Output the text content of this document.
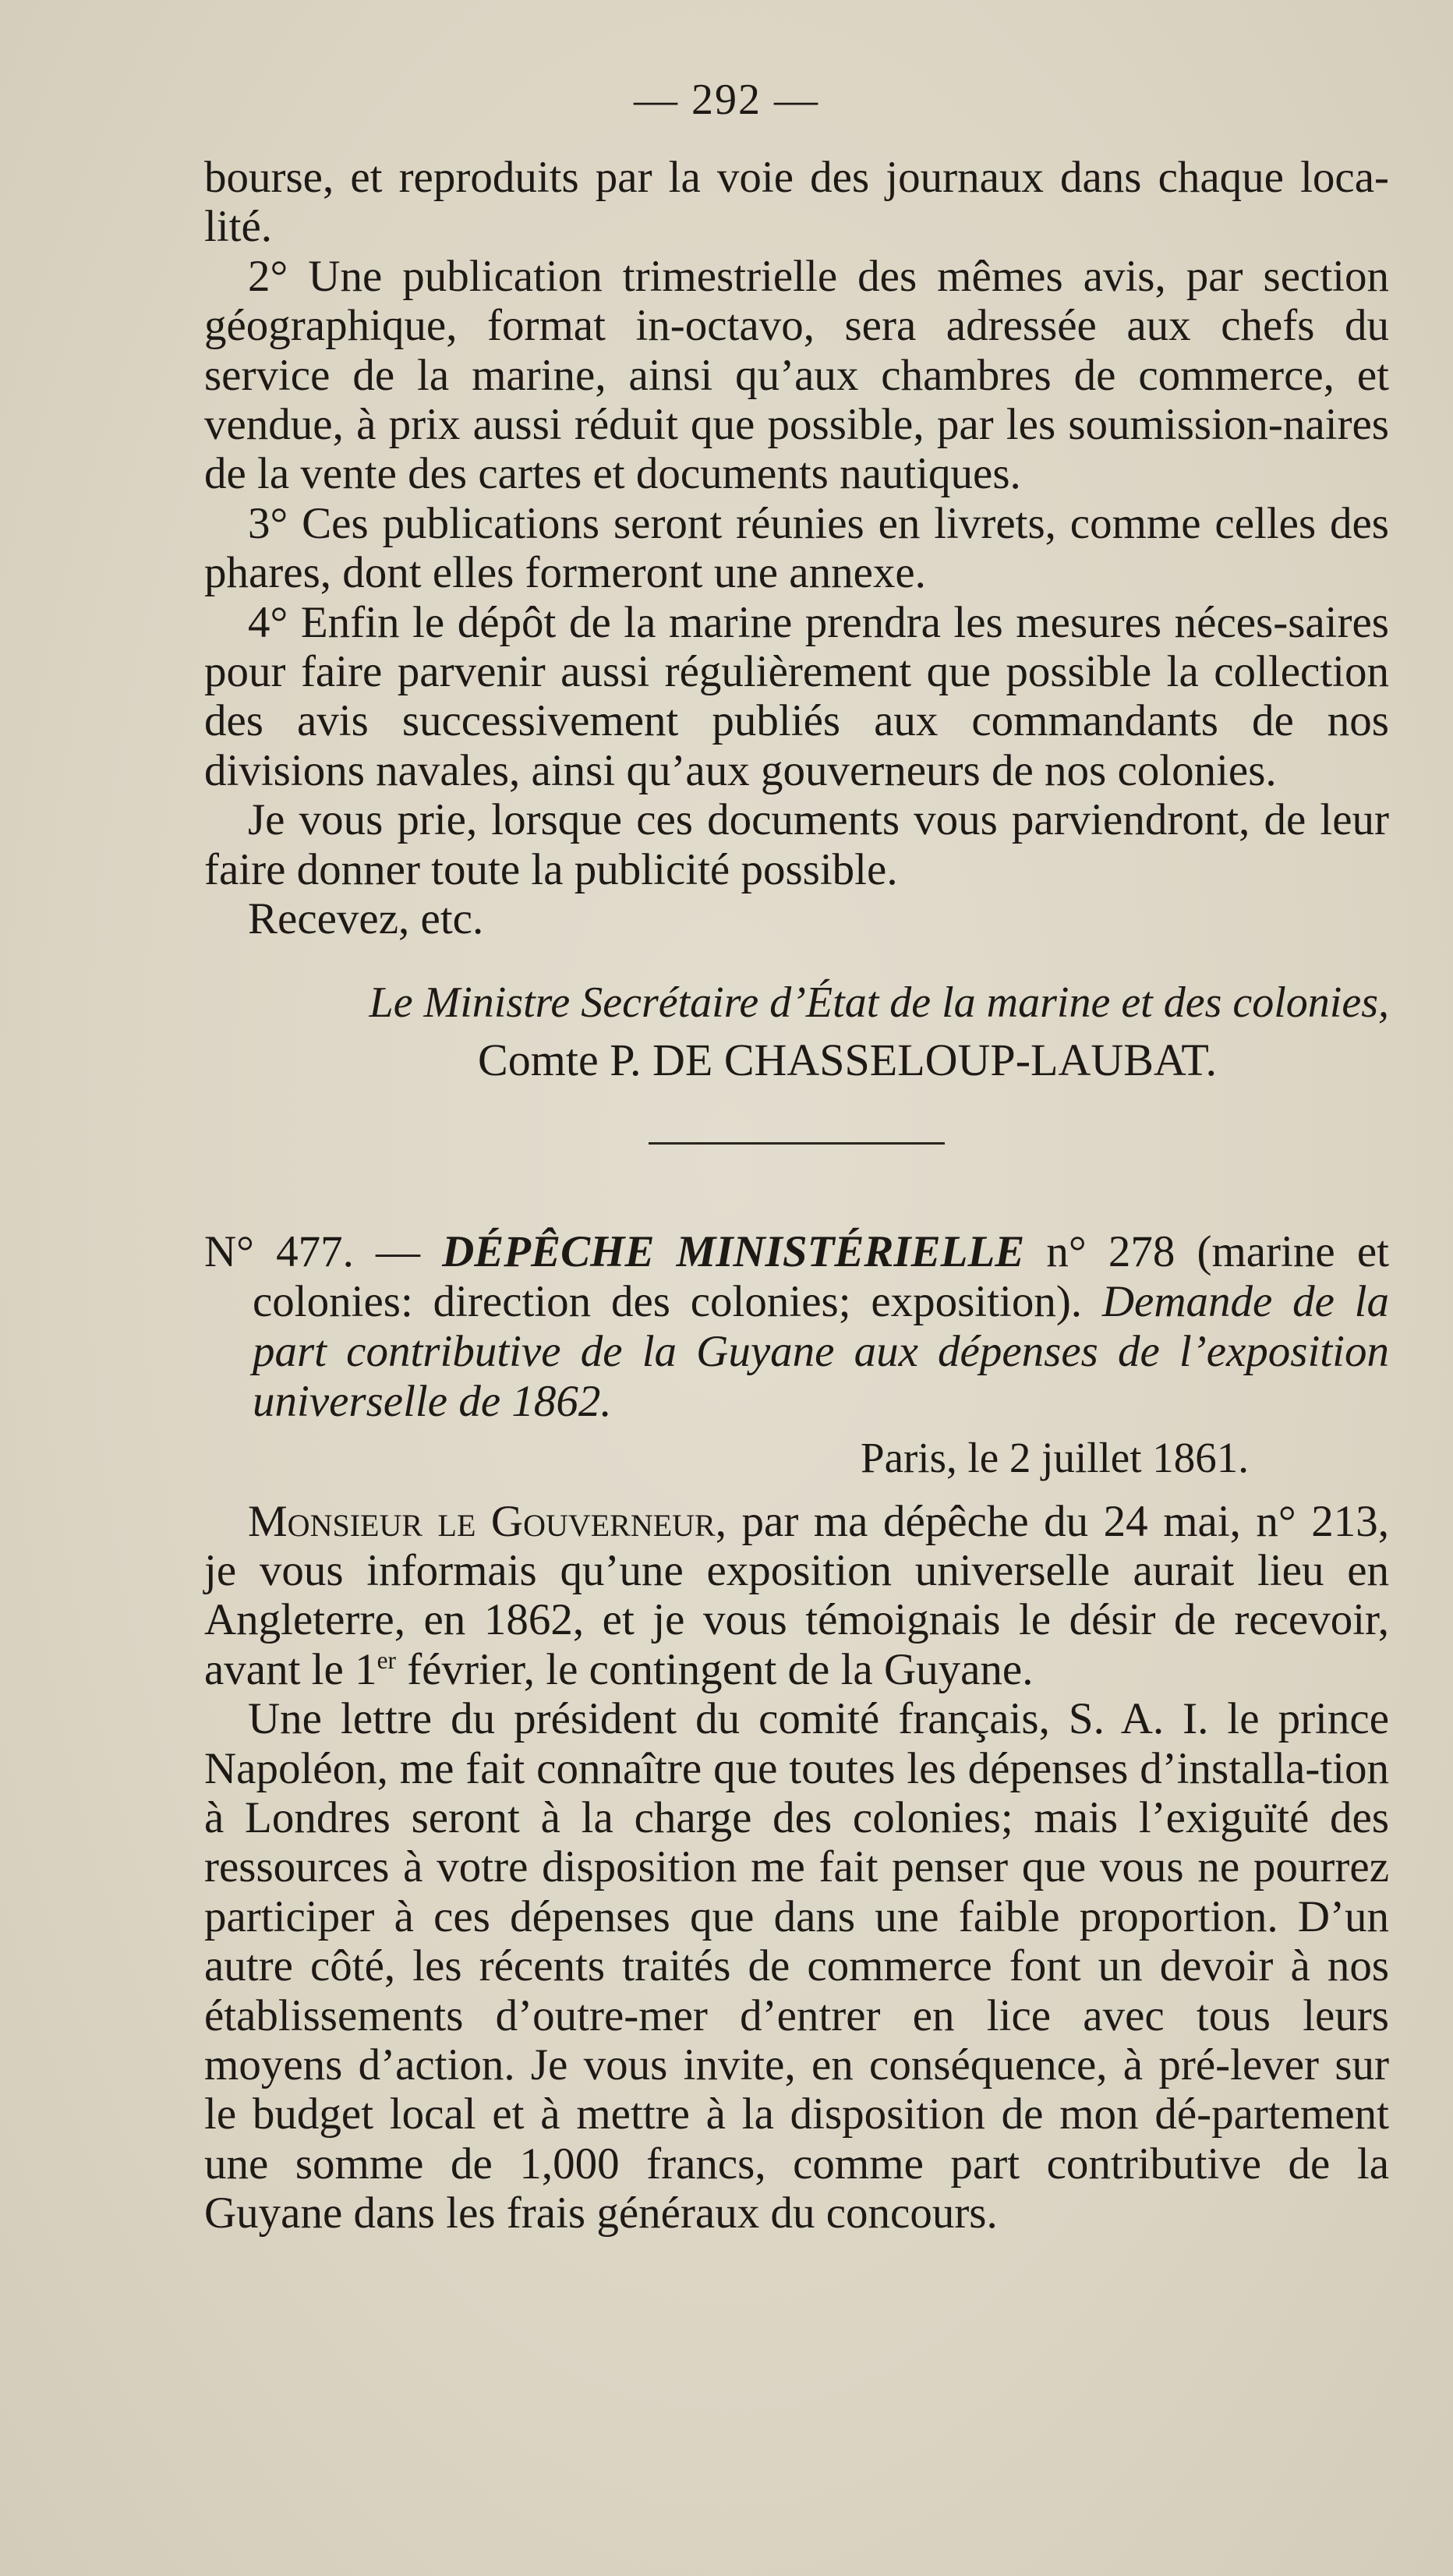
— 292 —

bourse, et reproduits par la voie des journaux dans chaque loca-lité.

2° Une publication trimestrielle des mêmes avis, par section géographique, format in-octavo, sera adressée aux chefs du service de la marine, ainsi qu’aux chambres de commerce, et vendue, à prix aussi réduit que possible, par les soumission-naires de la vente des cartes et documents nautiques.

3° Ces publications seront réunies en livrets, comme celles des phares, dont elles formeront une annexe.

4° Enfin le dépôt de la marine prendra les mesures néces-saires pour faire parvenir aussi régulièrement que possible la collection des avis successivement publiés aux commandants de nos divisions navales, ainsi qu’aux gouverneurs de nos colonies.

Je vous prie, lorsque ces documents vous parviendront, de leur faire donner toute la publicité possible.

Recevez, etc.

Le Ministre Secrétaire d’État de la marine et des colonies,

Comte P. DE CHASSELOUP-LAUBAT.

N° 477. — DÉPÊCHE MINISTÉRIELLE n° 278 (marine et colonies: direction des colonies; exposition). Demande de la part contributive de la Guyane aux dépenses de l’exposition universelle de 1862.

Paris, le 2 juillet 1861.

Monsieur le Gouverneur, par ma dépêche du 24 mai, n° 213, je vous informais qu’une exposition universelle aurait lieu en Angleterre, en 1862, et je vous témoignais le désir de recevoir, avant le 1er février, le contingent de la Guyane.

Une lettre du président du comité français, S. A. I. le prince Napoléon, me fait connaître que toutes les dépenses d’installa-tion à Londres seront à la charge des colonies; mais l’exiguïté des ressources à votre disposition me fait penser que vous ne pourrez participer à ces dépenses que dans une faible proportion. D’un autre côté, les récents traités de commerce font un devoir à nos établissements d’outre-mer d’entrer en lice avec tous leurs moyens d’action. Je vous invite, en conséquence, à pré-lever sur le budget local et à mettre à la disposition de mon dé-partement une somme de 1,000 francs, comme part contributive de la Guyane dans les frais généraux du concours.
